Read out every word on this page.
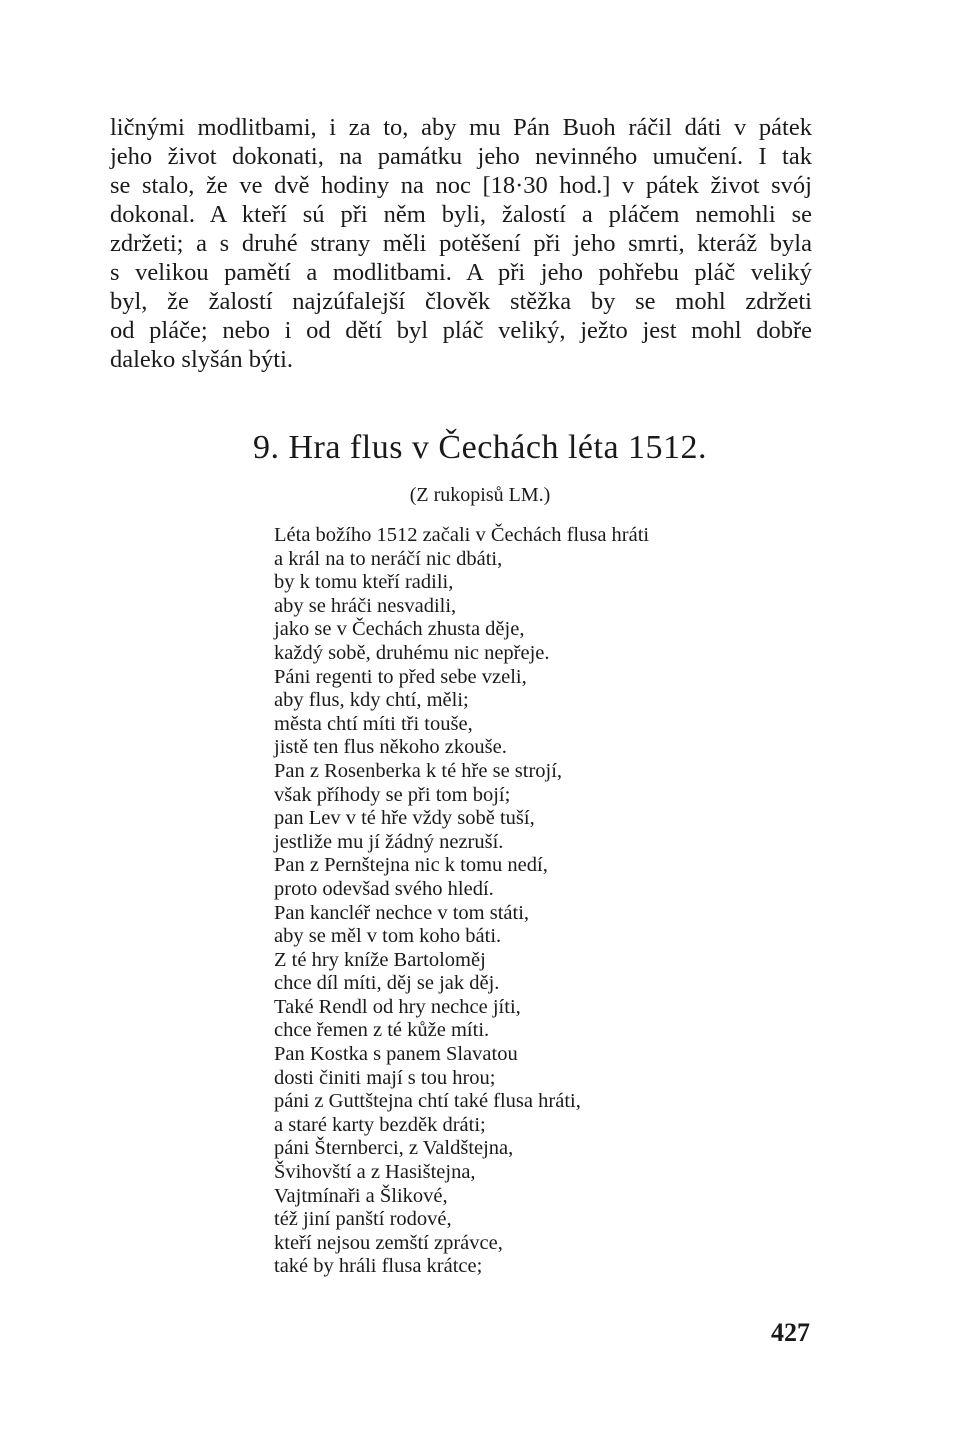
ličnými modlitbami, i za to, aby mu Pán Buoh ráčil dáti v pátek
jeho život dokonati, na památku jeho nevinného umučení. I tak
se stalo, že ve dvě hodiny na noc [18·30 hod.] v pátek život svój
dokonal. A kteří sú při něm byli, žalostí a pláčem nemohli se
zdržeti; a s druhé strany měli potěšení při jeho smrti, kteráž byla
s velikou pamětí a modlitbami. A při jeho pohřebu pláč veliký
byl, že žalostí najzúfalejší člověk stěžka by se mohl zdržeti
od pláče; nebo i od dětí byl pláč veliký, ježto jest mohl dobře
daleko slyšán býti.
9. Hra flus v Čechách léta 1512.
(Z rukopisů LM.)
Léta božího 1512 začali v Čechách flusa hráti
a král na to neráčí nic dbáti,
by k tomu kteří radili,
aby se hráči nesvadili,
jako se v Čechách zhusta děje,
každý sobě, druhému nic nepřeje.
Páni regenti to před sebe vzeli,
aby flus, kdy chtí, měli;
města chtí míti tři touše,
jistě ten flus někoho zkouše.
Pan z Rosenberka k té hře se strojí,
však příhody se při tom bojí;
pan Lev v té hře vždy sobě tuší,
jestliže mu jí žádný nezruší.
Pan z Pernštejna nic k tomu nedí,
proto odevšad svého hledí.
Pan kancléř nechce v tom státi,
aby se měl v tom koho báti.
Z té hry kníže Bartoloměj
chce díl míti, děj se jak děj.
Také Rendl od hry nechce jíti,
chce řemen z té kůže míti.
Pan Kostka s panem Slavatou
dosti činiti mají s tou hrou;
páni z Guttštejna chtí také flusa hráti,
a staré karty bezděk dráti;
páni Šternberci, z Valdštejna,
Švihovští a z Hasištejna,
Vajtmínaři a Šlikové,
též jiní panští rodové,
kteří nejsou zemští zprávce,
také by hráli flusa krátce;
427
